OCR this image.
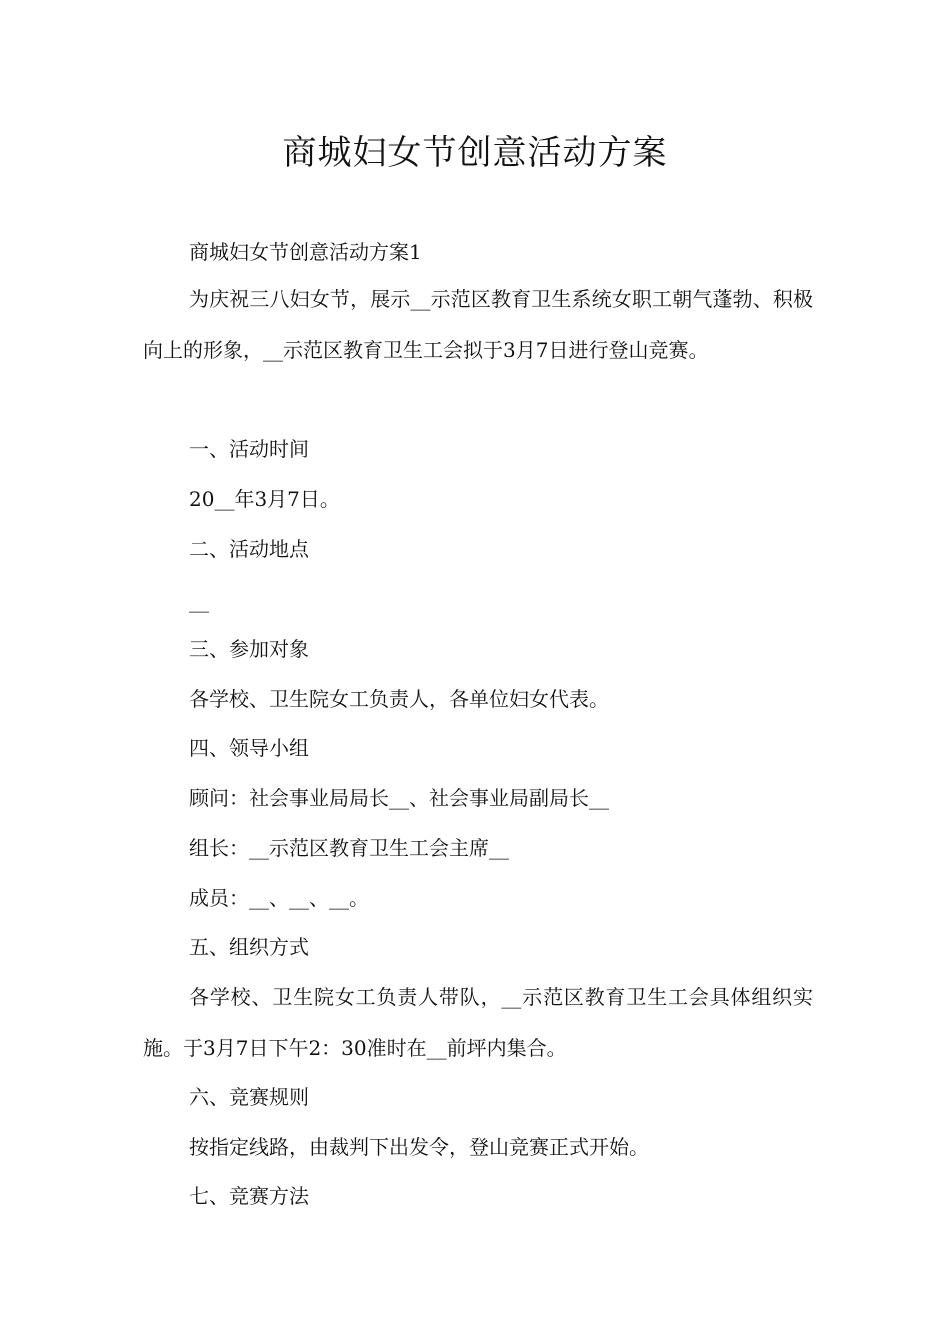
商城妇女节创意活动方案
商城妇女节创意活动方案1
为庆祝三八妇女节，展示__示范区教育卫生系统女职工朝气蓬勃、积极向上的形象，__示范区教育卫生工会拟于3月7日进行登山竞赛。
一、活动时间
20__年3月7日。
二、活动地点
__
三、参加对象
各学校、卫生院女工负责人，各单位妇女代表。
四、领导小组
顾问：社会事业局局长__、社会事业局副局长__
组长：__示范区教育卫生工会主席__
成员：__、__、__。
五、组织方式
各学校、卫生院女工负责人带队，__示范区教育卫生工会具体组织实施。于3月7日下午2：30准时在__前坪内集合。
六、竞赛规则
按指定线路，由裁判下出发令，登山竞赛正式开始。
七、竞赛方法
